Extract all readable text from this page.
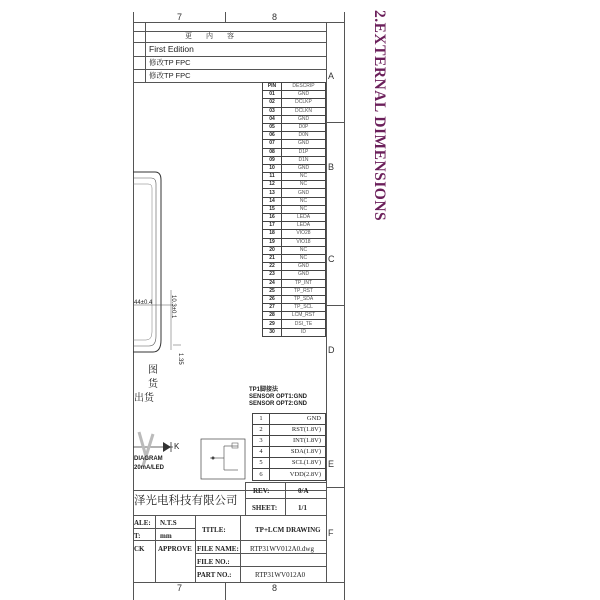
7	8
7	8
A
B
C
D
E
F
更　　内　　容
First Edition
修改TP FPC
修改TP FPC
PIN	DESCRIP
01	GND
02	DCLKP
03	DCLKN
04	GND
05	D0P
06	D0N
07	GND
08	D1P
09	D1N
10	GND
11	NC
12	NC
13	GND
14	NC
15	NC
16	LEDA
17	LEDA
18	VIO28
19	VIO18
20	NC
21	NC
22	GND
23	GND
24	TP_INT
25	TP_RST
26	TP_SDA
27	TP_SCL
28	LCM_RST
29	DSI_TE
30	ID
44±0.4	10.3±0.1
1.35
图
货
出货
K
DIAGRAM
20mA/LED
TP1脚接法
SENSOR OPT1:GND
SENSOR OPT2:GND
1	GND
2	RST(1.8V)
3	INT(1.8V)
4	SDA(1.8V)
5	SCL(1.8V)
6	VDD(2.8V)
泽光电科技有限公司
REV:	0/A
SHEET:	1/1
ALE: N.T.S
T:	mm
CK APPROVE
TITLE:	TP+LCM DRAWING
FILE NAME: RTP31WV012A0.dwg
FILE NO.:
PART NO.:	RTP31WV012A0
2.EXTERNAL DIMENSIONS
